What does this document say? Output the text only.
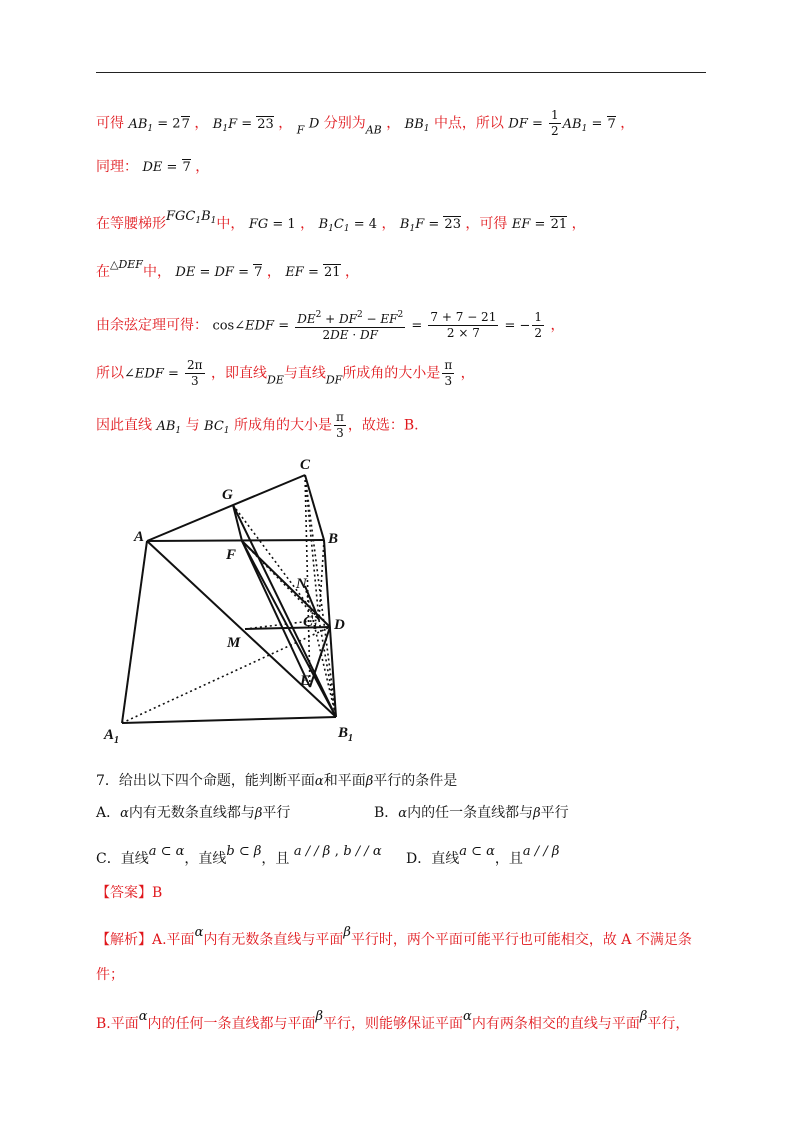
可得 $AB_1 = 27$ ， $B_1F = 23$ ， $_F$ D 分别为$_{AB}$ ， $BB_1$ 中点，所以 DF = $\frac{1}{2} AB_1 = 7$ ，
同理： DE = 7 ，
在等腰梯形$FGC_1B_1$中， FG = 1 ， $B_1C_1 = 4$ ， $B_1F = 23$ ，可得 EF = 21 ，
在$^{\triangle DEF}$中， DE = DF = 7 ， EF = 21 ，
由余弦定理可得： cos∠EDF = $\frac{DE^2 + DF^2 - EF^2}{2DE \cdot DF} = \frac{7 + 7 - 21}{2 \times 7}$ = − $\frac{1}{2}$ ，
所以∠EDF = $\frac{2\pi}{3}$ ，即直线$_{DE}$与直线$_{DF}$所成角的大小是 $\frac{\pi}{3}$ ，
因此直线 $AB_1$ 与 $BC_1$ 所成角的大小是 $\frac{\pi}{3}$ ，故选：B.
C
G
A	B
F
N
$C_1$ D
M
E
$A_1$	$B_1$
7．给出以下四个命题，能判断平面α和平面β平行的条件是
A．α内有无数条直线都与β平行	B．α内的任一条直线都与β平行
C．直线a ⊂ α，直线b ⊂ β，且 a / / β , b / / α D．直线a ⊂ α，且a / / β
【答案】B
【解析】A.平面α内有无数条直线与平面β平行时，两个平面可能平行也可能相交，故 A 不满足条
件；
B.平面α内的任何一条直线都与平面β平行，则能够保证平面α内有两条相交的直线与平面β平行，
